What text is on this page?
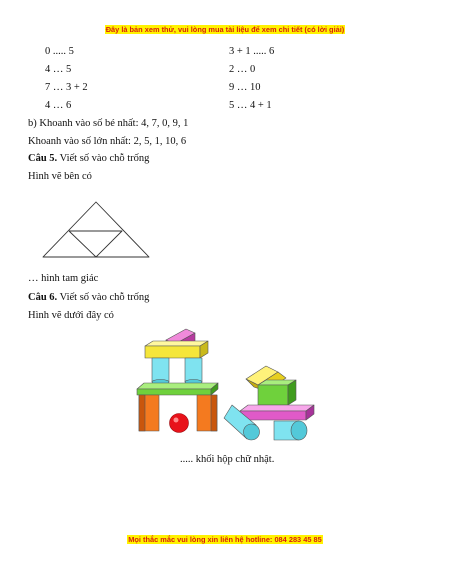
Đây là bản xem thử, vui lòng mua tài liệu để xem chi tiết (có lời giải)
0 ..... 5
4 … 5
7 … 3 + 2
4 … 6
3 + 1 ..... 6
2 … 0
9 … 10
5 … 4 + 1
b) Khoanh vào số bé nhất: 4, 7, 0, 9, 1
Khoanh vào số lớn nhất: 2, 5, 1, 10, 6
Câu 5. Viết số vào chỗ trống
Hình vẽ bên có
… hình tam giác
Câu 6. Viết số vào chỗ trống
Hình vẽ dưới đây có
..... khối hộp chữ nhật.
Mọi thắc mắc vui lòng xin liên hệ hotline: 084 283 45 85
